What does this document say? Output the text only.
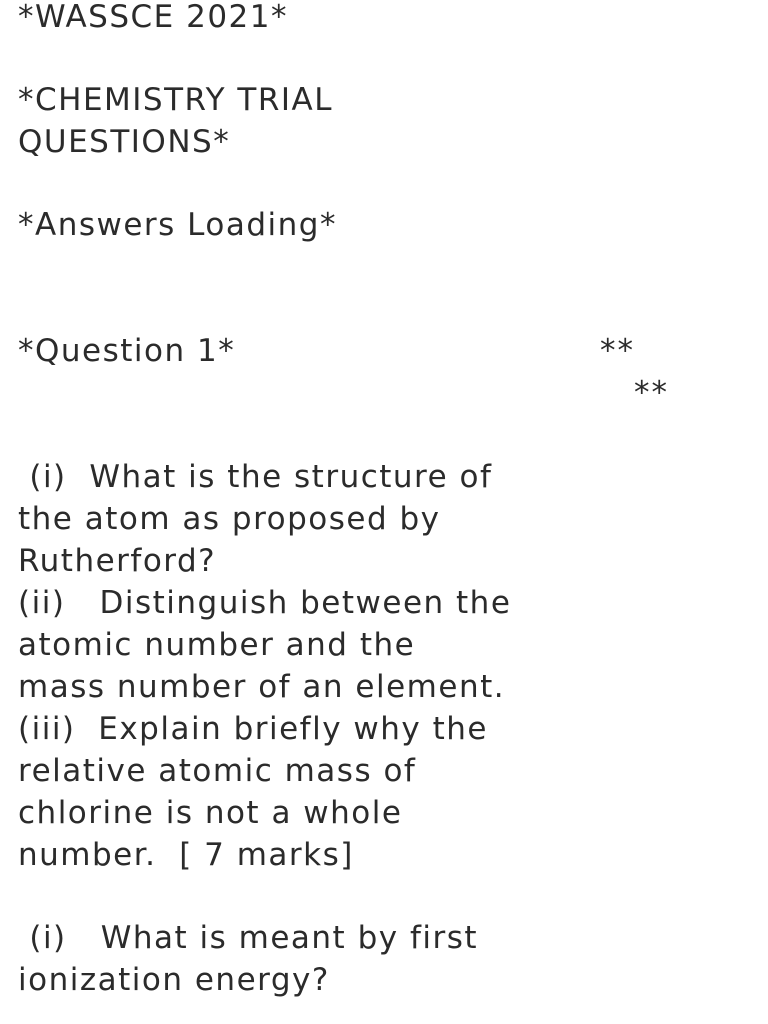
*WASSCE 2021*

*CHEMISTRY TRIAL

QUESTIONS*

*Answers Loading*

*Question 1*	**

**

(i)  What is the structure of

the atom as proposed by

Rutherford?

(ii)   Distinguish between the

atomic number and the

mass number of an element.

(iii)  Explain briefly why the

relative atomic mass of

chlorine is not a whole

number.  [ 7 marks]

(i)   What is meant by first

ionization energy?
